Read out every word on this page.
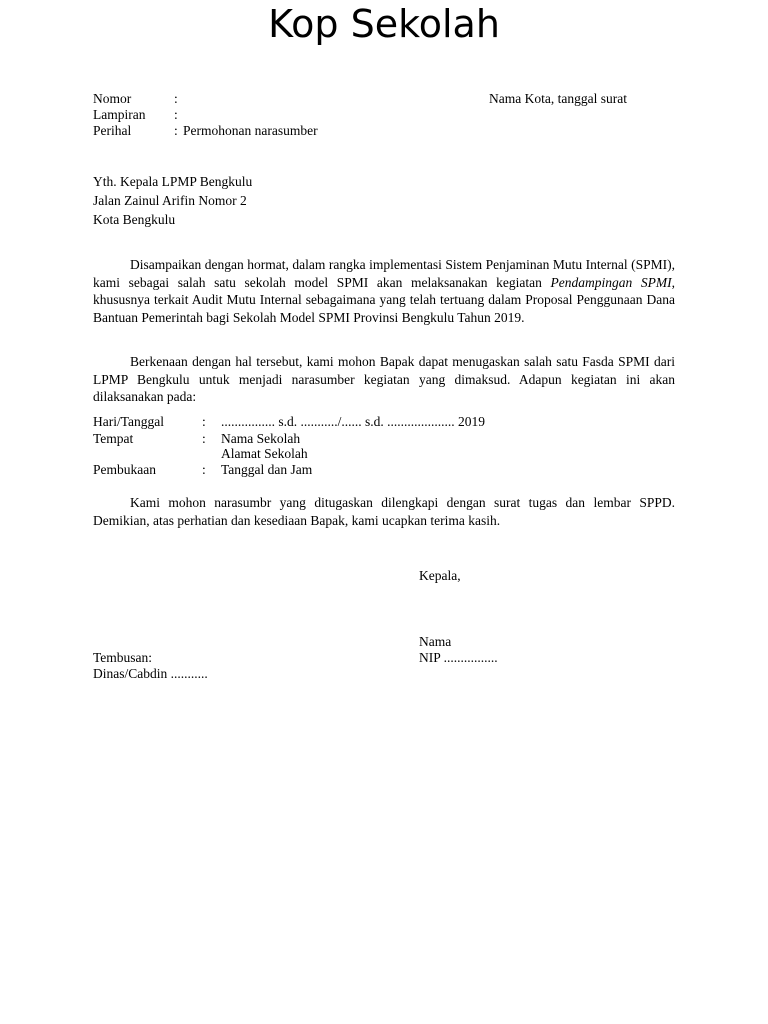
Kop Sekolah
Nomor	:
Lampiran :
Perihal	: Permohonan narasumber
Nama Kota, tanggal surat
Yth. Kepala LPMP Bengkulu
Jalan Zainul Arifin Nomor 2
Kota Bengkulu
Disampaikan dengan hormat, dalam rangka implementasi Sistem Penjaminan Mutu Internal (SPMI), kami sebagai salah satu sekolah model SPMI akan melaksanakan kegiatan Pendampingan SPMI, khususnya terkait Audit Mutu Internal sebagaimana yang telah tertuang dalam Proposal Penggunaan Dana Bantuan Pemerintah bagi Sekolah Model SPMI Provinsi Bengkulu Tahun 2019.
Berkenaan dengan hal tersebut, kami mohon Bapak dapat menugaskan salah satu Fasda SPMI dari LPMP Bengkulu untuk menjadi narasumber kegiatan yang dimaksud. Adapun kegiatan ini akan dilaksanakan pada:
Hari/Tanggal	: ................ s.d. .........../...... s.d. .................... 2019
Tempat	: Nama Sekolah
Alamat Sekolah
Pembukaan	: Tanggal dan Jam
Kami mohon narasumbr yang ditugaskan dilengkapi dengan surat tugas dan lembar SPPD. Demikian, atas perhatian dan kesediaan Bapak, kami ucapkan terima kasih.
Kepala,
Nama
NIP ................
Tembusan:
Dinas/Cabdin ...........
